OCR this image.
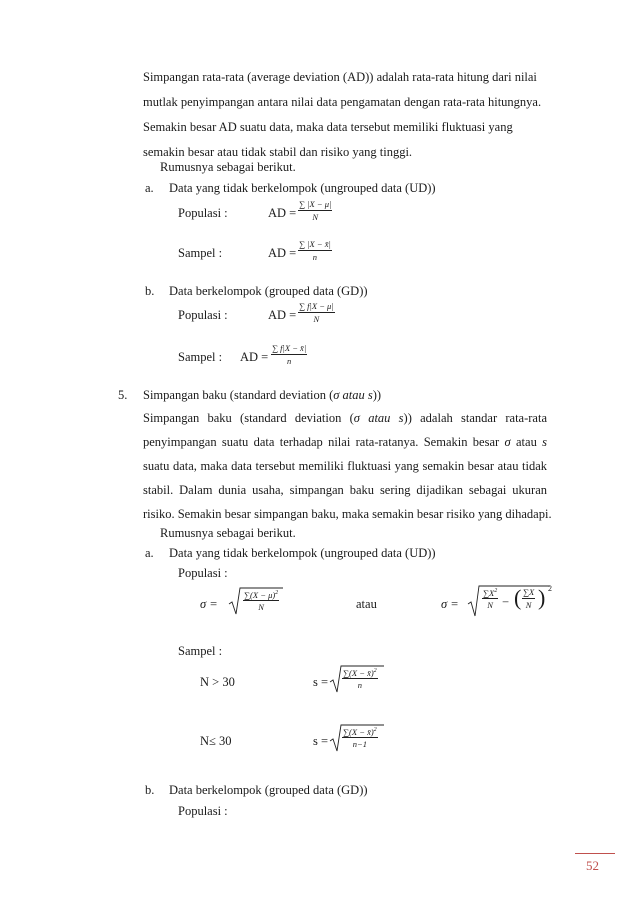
Simpangan rata-rata (average deviation (AD)) adalah rata-rata hitung dari nilai
mutlak penyimpangan antara nilai data pengamatan dengan rata-rata hitungnya.
Semakin besar AD suatu data, maka data tersebut memiliki fluktuasi yang
semakin besar atau tidak stabil dan risiko yang tinggi.
Rumusnya sebagai berikut.
a. Data yang tidak berkelompok (ungrouped data (UD))
Populasi :	AD = $\frac{\sum |X - \mu|}{N}$
Sampel :	AD = $\frac{\sum |X - x̄|}{n}$
b. Data berkelompok (grouped data (GD))
Populasi :	AD = $\frac{\sum f|X - \mu|}{N}$
Sampel : AD = $\frac{\sum f|X - x̄|}{n}$
5. Simpangan baku (standard deviation (σ atau s))
Simpangan baku (standard deviation (σ atau s)) adalah standar rata-rata
penyimpangan suatu data terhadap nilai rata-ratanya. Semakin besar σ atau s
suatu data, maka data tersebut memiliki fluktuasi yang semakin besar atau tidak
stabil. Dalam dunia usaha, simpangan baku sering dijadikan sebagai ukuran
risiko. Semakin besar simpangan baku, maka semakin besar risiko yang dihadapi.
Rumusnya sebagai berikut.
a. Data yang tidak berkelompok (ungrouped data (UD))
Populasi :
σ =	$\frac{\sum(X - \mu)^2}{N}$	atau	σ =	$\frac{\sum X^2}{N}$ − ( $\frac{\sum X}{N}$ ) 2
Sampel :
N > 30	$s = \frac{\sum(X - x̄)^2}{n}$
N≤ 30	$s = \frac{\sum(X - x̄)^2}{n-1}$
b. Data berkelompok (grouped data (GD))
Populasi :
52
